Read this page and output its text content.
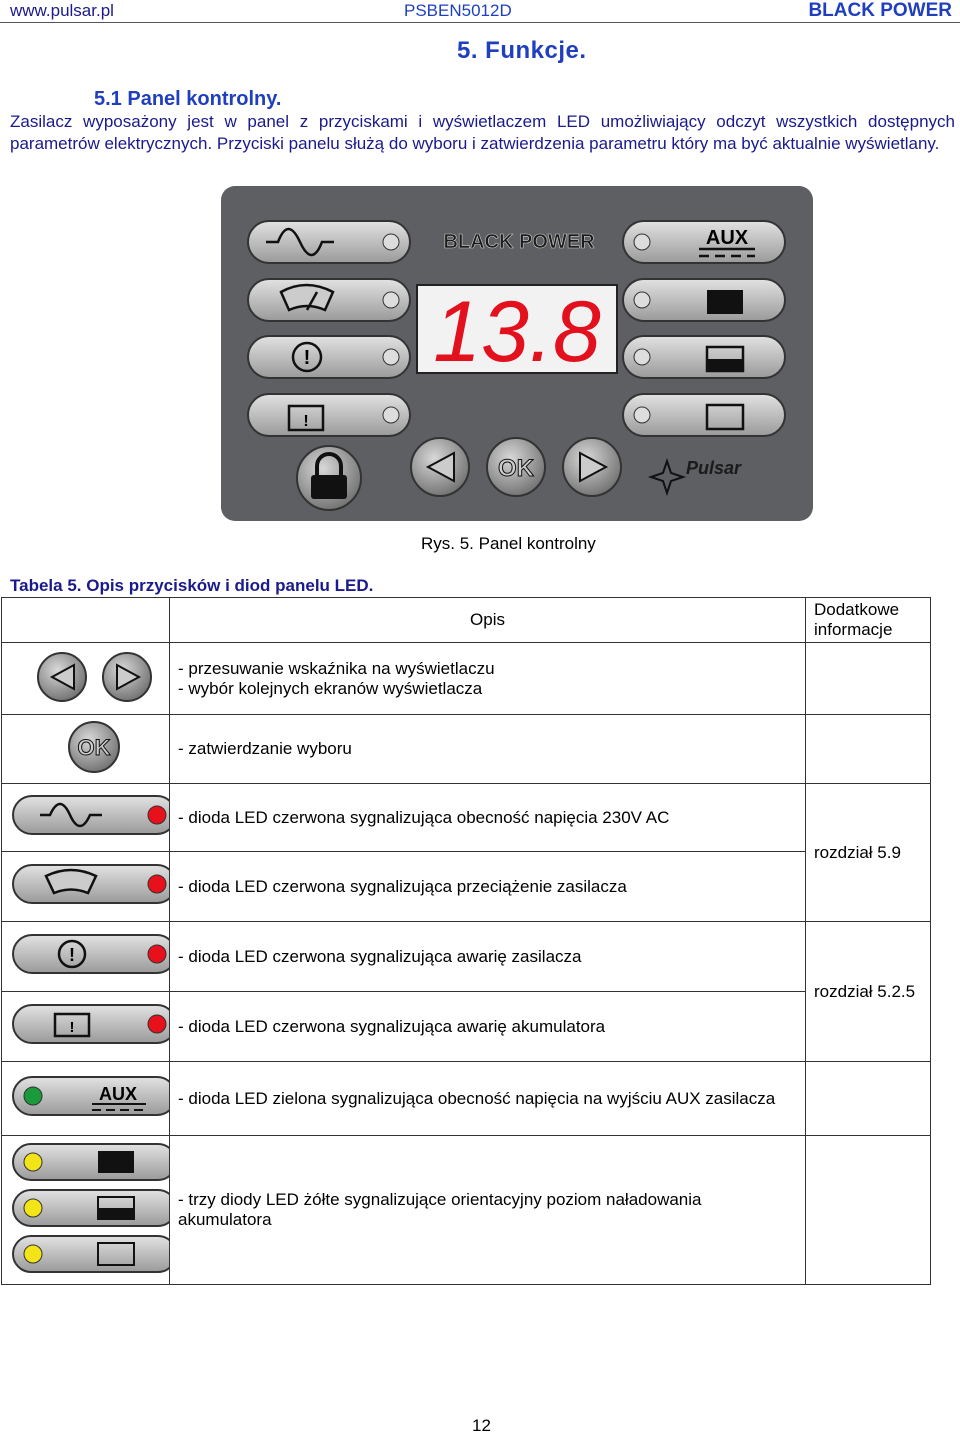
www.pulsar.pl	PSBEN5012D	BLACK POWER
5. Funkcje.
5.1 Panel kontrolny.
Zasilacz wyposażony jest w panel z przyciskami i wyświetlaczem LED umożliwiający odczyt wszystkich dostępnych parametrów elektrycznych. Przyciski panelu służą do wyboru i zatwierdzenia parametru który ma być aktualnie wyświetlany.
!
!
BLACK POWER
13.8
OK
AUX
Pulsar
Rys. 5. Panel kontrolny
Tabela 5. Opis przycisków i diod panelu LED.
	Opis	Dodatkowe informacje

- przesuwanie wskaźnika na wyświetlaczu
- wybór kolejnych ekranów wyświetlacza	

OK	- zatwierdzanie wyboru	
	- dioda LED czerwona sygnalizująca obecność napięcia 230V AC	rozdział 5.9
	- dioda LED czerwona sygnalizująca przeciążenie zasilacza	

!	- dioda LED czerwona sygnalizująca awarię zasilacza	rozdział 5.2.5

!	- dioda LED czerwona sygnalizująca awarię akumulatora	

AUX	- dioda LED zielona sygnalizująca obecność napięcia na wyjściu AUX zasilacza	
	- trzy diody LED żółte sygnalizujące orientacyjny poziom naładowania akumulatora	
12
